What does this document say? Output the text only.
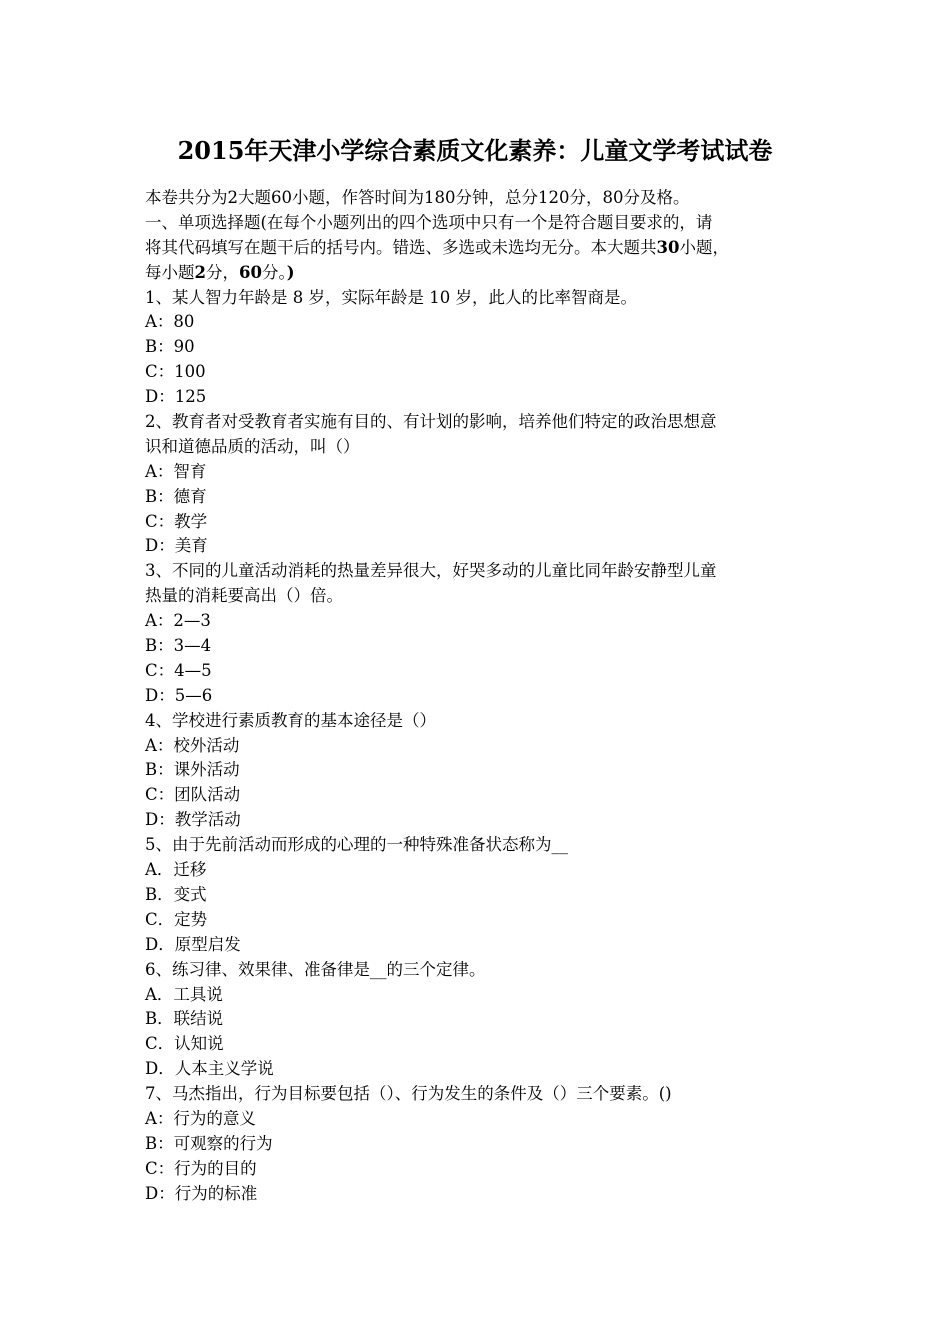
2015年天津小学综合素质文化素养：儿童文学考试试卷
本卷共分为2大题60小题，作答时间为180分钟，总分120分，80分及格。
一、单项选择题(在每个小题列出的四个选项中只有一个是符合题目要求的，请
将其代码填写在题干后的括号内。错选、多选或未选均无分。本大题共30小题，
每小题2分，60分。)
1、某人智力年龄是 8 岁，实际年龄是 10 岁，此人的比率智商是。
A：80
B：90
C：100
D：125
2、教育者对受教育者实施有目的、有计划的影响，培养他们特定的政治思想意
识和道德品质的活动，叫（）
A：智育
B：德育
C：教学
D：美育
3、不同的儿童活动消耗的热量差异很大，好哭多动的儿童比同年龄安静型儿童
热量的消耗要高出（）倍。
A：2—3
B：3—4
C：4—5
D：5—6
4、学校进行素质教育的基本途径是（）
A：校外活动
B：课外活动
C：团队活动
D：教学活动
5、由于先前活动而形成的心理的一种特殊准备状态称为__
A．迁移
B．变式
C．定势
D．原型启发
6、练习律、效果律、准备律是__的三个定律。
A．工具说
B．联结说
C．认知说
D．人本主义学说
7、马杰指出，行为目标要包括（）、行为发生的条件及（）三个要素。()
A：行为的意义
B：可观察的行为
C：行为的目的
D：行为的标准
